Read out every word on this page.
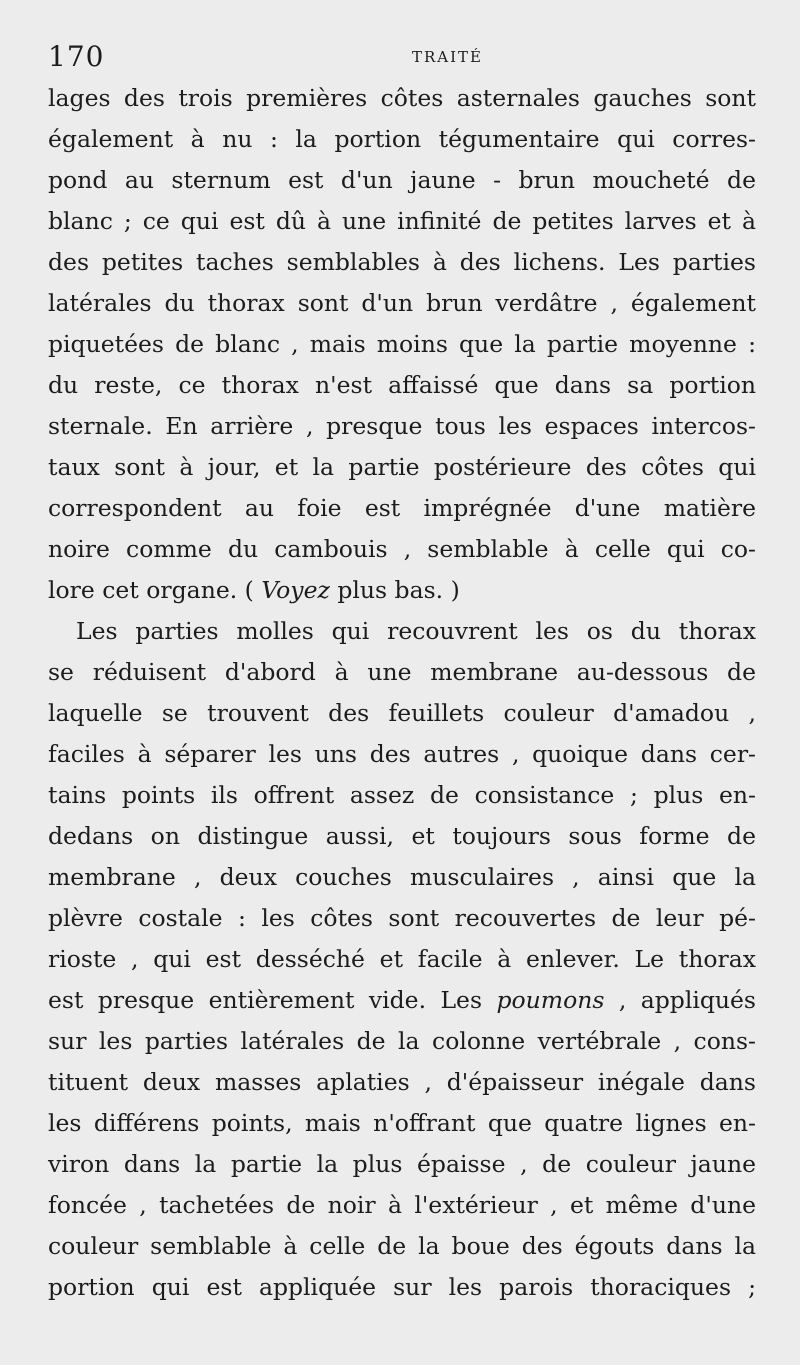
170	TRAITÉ
lages des trois premières côtes asternales gauches sont
également à nu : la portion tégumentaire qui corres-
pond au sternum est d'un jaune - brun moucheté de
blanc ; ce qui est dû à une infinité de petites larves et à
des petites taches semblables à des lichens. Les parties
latérales du thorax sont d'un brun verdâtre , également
piquetées de blanc , mais moins que la partie moyenne :
du reste, ce thorax n'est affaissé que dans sa portion
sternale. En arrière , presque tous les espaces intercos-
taux sont à jour, et la partie postérieure des côtes qui
correspondent au foie est imprégnée d'une matière
noire comme du cambouis , semblable à celle qui co-
lore cet organe. ( Voyez plus bas. )
Les parties molles qui recouvrent les os du thorax
se réduisent d'abord à une membrane au-dessous de
laquelle se trouvent des feuillets couleur d'amadou ,
faciles à séparer les uns des autres , quoique dans cer-
tains points ils offrent assez de consistance ; plus en-
dedans on distingue aussi, et toujours sous forme de
membrane , deux couches musculaires , ainsi que la
plèvre costale : les côtes sont recouvertes de leur pé-
rioste , qui est desséché et facile à enlever. Le thorax
est presque entièrement vide. Les poumons , appliqués
sur les parties latérales de la colonne vertébrale , cons-
tituent deux masses aplaties , d'épaisseur inégale dans
les différens points, mais n'offrant que quatre lignes en-
viron dans la partie la plus épaisse , de couleur jaune
foncée , tachetées de noir à l'extérieur , et même d'une
couleur semblable à celle de la boue des égouts dans la
portion qui est appliquée sur les parois thoraciques ;
